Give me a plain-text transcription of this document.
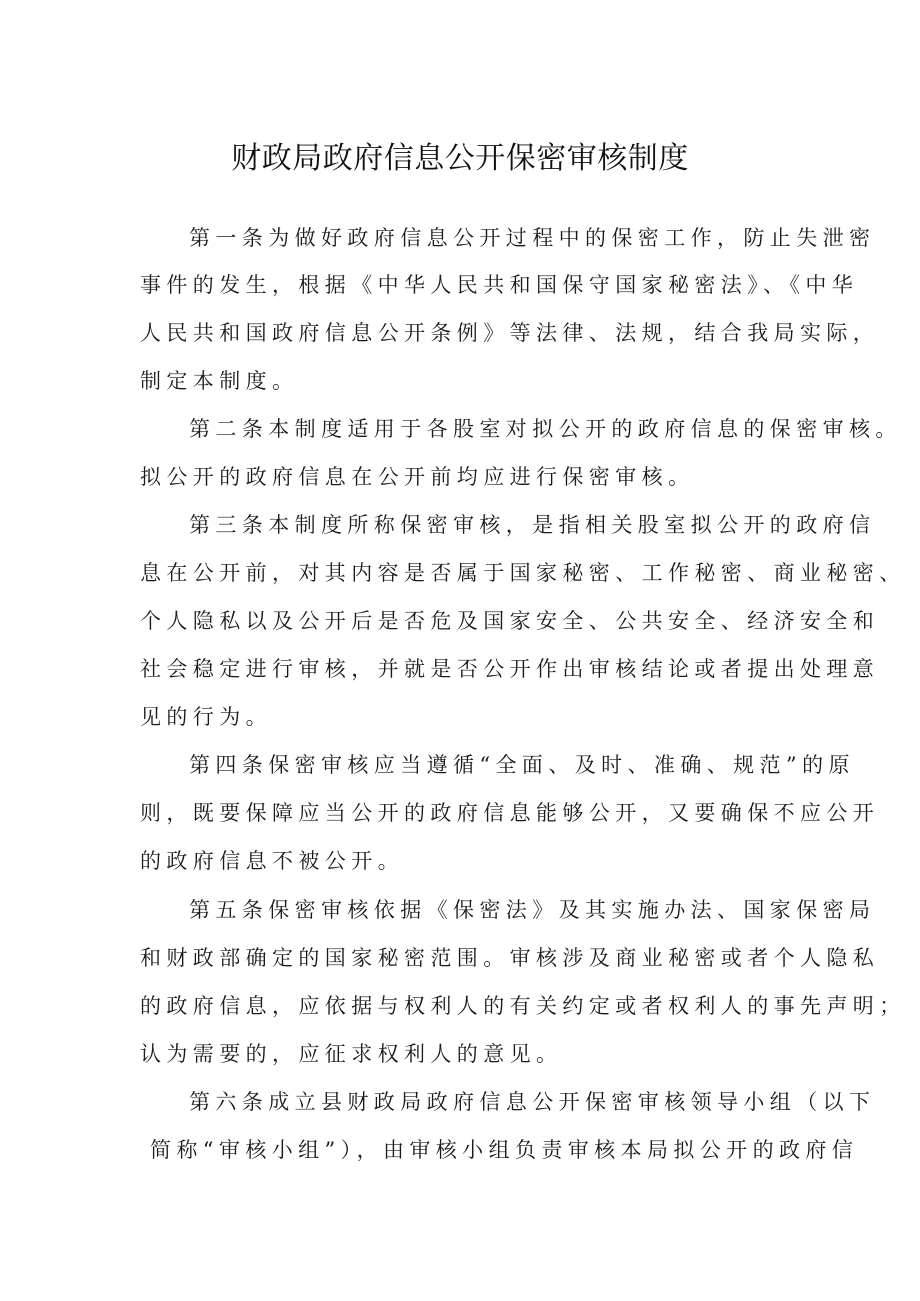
财政局政府信息公开保密审核制度
第一条为做好政府信息公开过程中的保密工作，防止失泄密
事件的发生，根据《中华人民共和国保守国家秘密法》、《中华
人民共和国政府信息公开条例》等法律、法规，结合我局实际，
制定本制度。
第二条本制度适用于各股室对拟公开的政府信息的保密审核。
拟公开的政府信息在公开前均应进行保密审核。
第三条本制度所称保密审核，是指相关股室拟公开的政府信
息在公开前，对其内容是否属于国家秘密、工作秘密、商业秘密、
个人隐私以及公开后是否危及国家安全、公共安全、经济安全和
社会稳定进行审核，并就是否公开作出审核结论或者提出处理意
见的行为。
第四条保密审核应当遵循“全面、及时、准确、规范”的原
则，既要保障应当公开的政府信息能够公开，又要确保不应公开
的政府信息不被公开。
第五条保密审核依据《保密法》及其实施办法、国家保密局
和财政部确定的国家秘密范围。审核涉及商业秘密或者个人隐私
的政府信息，应依据与权利人的有关约定或者权利人的事先声明；
认为需要的，应征求权利人的意见。
第六条成立县财政局政府信息公开保密审核领导小组（以下
简称“审核小组”），由审核小组负责审核本局拟公开的政府信
